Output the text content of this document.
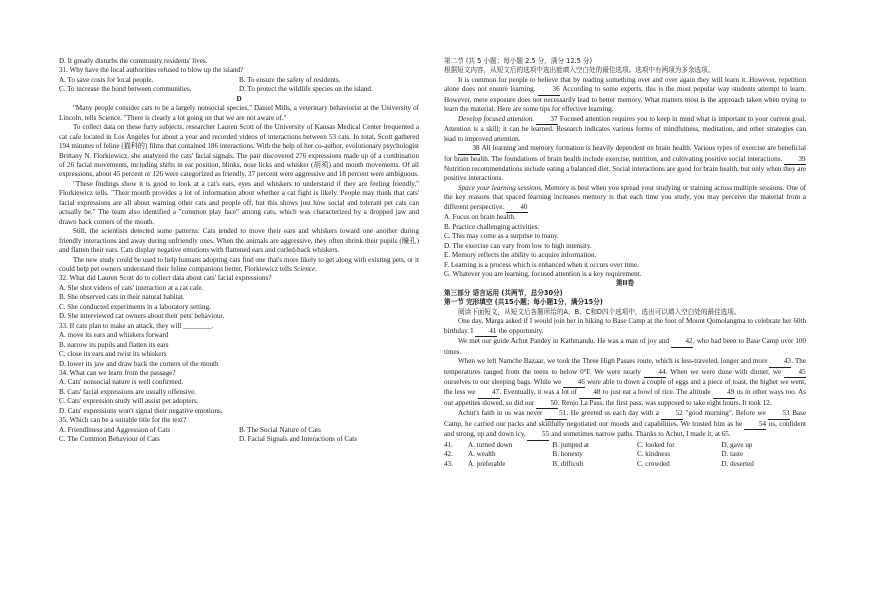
D. It greatly disturbs the community residents' lives.

31. Why have the local authorities refused to blow up the island?

A. To save costs for local people.	B. To ensure the safety of residents.
C. To increase the bond between communities.	D. To protect the wildlife species on the island.

D

"Many people consider cats to be a largely nonsocial species," Daniel Mills, a veterinary behaviorist at the University of Lincoln, tells Science. "There is clearly a lot going on that we are not aware of."

To collect data on these furry subjects, researcher Lauren Scott of the University of Kansas Medical Center frequented a cat cafe located in Los Angeles for about a year and recorded videos of interactions between 53 cats. In total, Scott gathered 194 minutes of feline (猫科的) films that contained 186 interactions. With the help of her co-author, evolutionary psychologist Brittany N. Florkiewicz, she analyzed the cats' facial signals. The pair discovered 276 expressions made up of a combination of 26 facial movements, including shifts in ear position, blinks, nose licks and whisker (胡须) and mouth movements. Of all expressions, about 45 percent or 126 were categorized as friendly, 37 percent were aggressive and 18 percent were ambiguous.

"These findings show it is good to look at a cat's ears, eyes and whiskers to understand if they are feeling friendly," Florkiewicz tells. "Their mouth provides a lot of information about whether a cat fight is likely. People may think that cats' facial expressions are all about warning other cats and people off, but this shows just how social and tolerant pet cats can actually be." The team also identified a "common play face" among cats, which was characterized by a dropped jaw and drawn back corners of the mouth.

Still, the scientists detected some patterns: Cats tended to move their ears and whiskers toward one another during friendly interactions and away during unfriendly ones. When the animals are aggressive, they often shrink their pupils (瞳孔) and flatten their ears. Cats display negative emotions with flattened ears and curled-back whiskers.

The new study could be used to help humans adopting cats find one that's more likely to get along with existing pets, or it could help pet owners understand their feline companions better, Florkiewicz tells Science.

32. What did Lauren Scott do to collect data about cats' facial expressions?

A. She shot videos of cats' interaction at a cat cafe.

B. She observed cats in their natural habitat.

C. She conducted experiments in a laboratory setting.

D. She interviewed cat owners about their pets' behaviour.

33. If cats plan to make an attack, they will ________.

A. move its ears and whiskers forward

B. narrow its pupils and flatten its ears

C. close its ears and twist its whiskers

D. lower its jaw and draw back the corners of the mouth

34. What can we learn from the passage?

A. Cats' nonsocial nature is well confirmed.

B. Cats' facial expressions are usually offensive.

C. Cats' expression study will assist pet adopters.

D. Cats' expressions won't signal their negative emotions.

35. Which can be a suitable title for the text?

A. Friendliness and Aggression of Cats	B. The Social Nature of Cats
C. The Common Behaviour of Cats	D. Facial Signals and Interactions of Cats

第二节 (共 5 小题；每小题 2.5 分，满分 12.5 分)

根据短文内容，从短文后的选项中选出能填入空白处的最佳选项。选项中有两项为多余选项。

It is common for people to believe that by reading something over and over again they will learn it. However, repetition alone does not ensure learning. 36 According to some experts, this is the most popular way students attempt to learn. However, mere exposure does not necessarily lead to better memory. What matters most is the approach taken when trying to learn the material. Here are some tips for effective learning.

Develop focused attention. 37 Focused attention requires you to keep in mind what is important to your current goal. Attention is a skill; it can be learned. Research indicates various forms of mindfulness, meditation, and other strategies can lead to improved attention.

38 All learning and memory formation is heavily dependent on brain health. Various types of exercise are beneficial for brain health. The foundations of brain health include exercise, nutrition, and cultivating positive social interactions. 39 Nutrition recommendations include eating a balanced diet. Social interactions are good for brain health, but only when they are positive interactions.

Space your learning sessions. Memory is best when you spread your studying or training across multiple sessions. One of the key reasons that spaced learning increases memory is that each time you study, you may perceive the material from a different perspective. 40

A. Focus on brain health.

B. Practice challenging activities.

C. This may come as a surprise to many.

D. The exercise can vary from low to high intensity.

E. Memory reflects the ability to acquire information.

F. Learning is a process which is enhanced when it occurs over time.

G. Whatever you are learning, focused attention is a key requirement.

第II卷

第三部分 语言运用 (共两节，总分30分)

第一节 完形填空 (共15小题；每小题1分，满分15分)

阅读下面短文，从短文后各题所给的A、B、C和D四个选项中，选出可以填入空白处的最佳选项。

One day, Marga asked if I would join her in hiking to Base Camp at the foot of Mount Qomolangma to celebrate her 60th birthday. I 41 the opportunity.

We met our guide Achut Pandey in Kathmandu. He was a man of joy and 42, who had been to Base Camp over 100 times.

When we left Namche Bazaar, we took the Three High Passes route, which is less-traveled, longer and more 43. The temperatures ranged from the teens to below 0°F. We were nearly 44. When we were done with dinner, we 45 ourselves to our sleeping bags. While we 46 were able to down a couple of eggs and a piece of toast, the higher we went, the less we 47. Eventually, it was a lot of 48 to just eat a bowl of rice. The altitude 49 us in other ways too. As our appetites slowed, so did our 50. Renjo La Pass, the first pass, was supposed to take eight hours. It took 12.

Achut's faith in us was never 51. He greeted us each day with a 52 "good morning". Before we 53 Base Camp, he carried our packs and skillfully negotiated our moods and capabilities. We trusted him as he 54 us, confident and strong, up and down icy, 55 and sometimes narrow paths. Thanks to Achut, I made it, at 65.

41.	A. turned down	B. jumped at	C. looked for	D. gave up
42.	A. wealth	B. honesty	C. kindness	D. taste
43.	A. preferable	B. difficult	C. crowded	D. deserted
